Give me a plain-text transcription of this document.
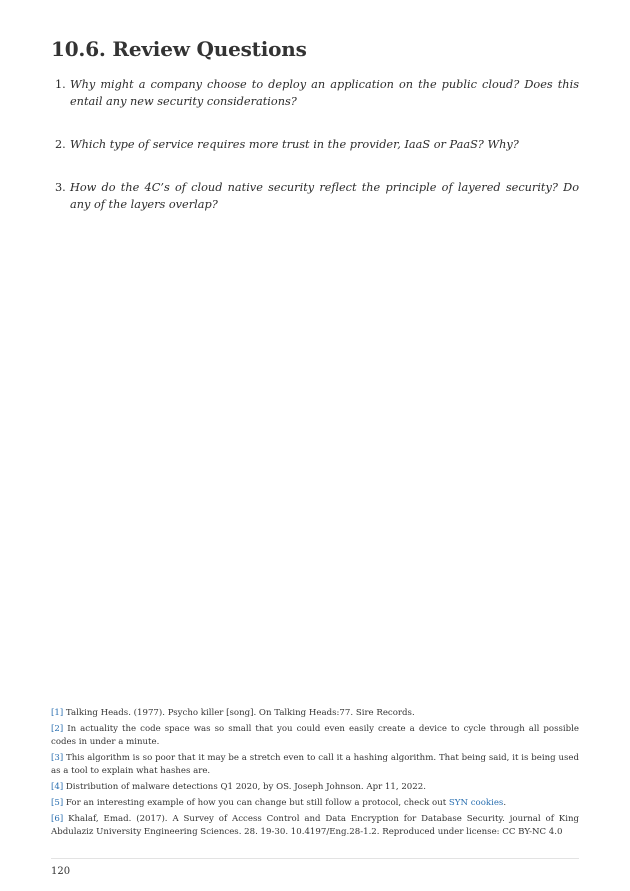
10.6. Review Questions
1. Why might a company choose to deploy an application on the public cloud? Does this entail any new security considerations?
2. Which type of service requires more trust in the provider, IaaS or PaaS? Why?
3. How do the 4C’s of cloud native security reflect the principle of layered security? Do any of the layers overlap?
[1] Talking Heads. (1977). Psycho killer [song]. On Talking Heads:77. Sire Records.
[2] In actuality the code space was so small that you could even easily create a device to cycle through all possible codes in under a minute.
[3] This algorithm is so poor that it may be a stretch even to call it a hashing algorithm. That being said, it is being used as a tool to explain what hashes are.
[4] Distribution of malware detections Q1 2020, by OS. Joseph Johnson. Apr 11, 2022.
[5] For an interesting example of how you can change but still follow a protocol, check out SYN cookies.
[6] Khalaf, Emad. (2017). A Survey of Access Control and Data Encryption for Database Security. journal of King Abdulaziz University Engineering Sciences. 28. 19-30. 10.4197/Eng.28-1.2. Reproduced under license: CC BY-NC 4.0
120
